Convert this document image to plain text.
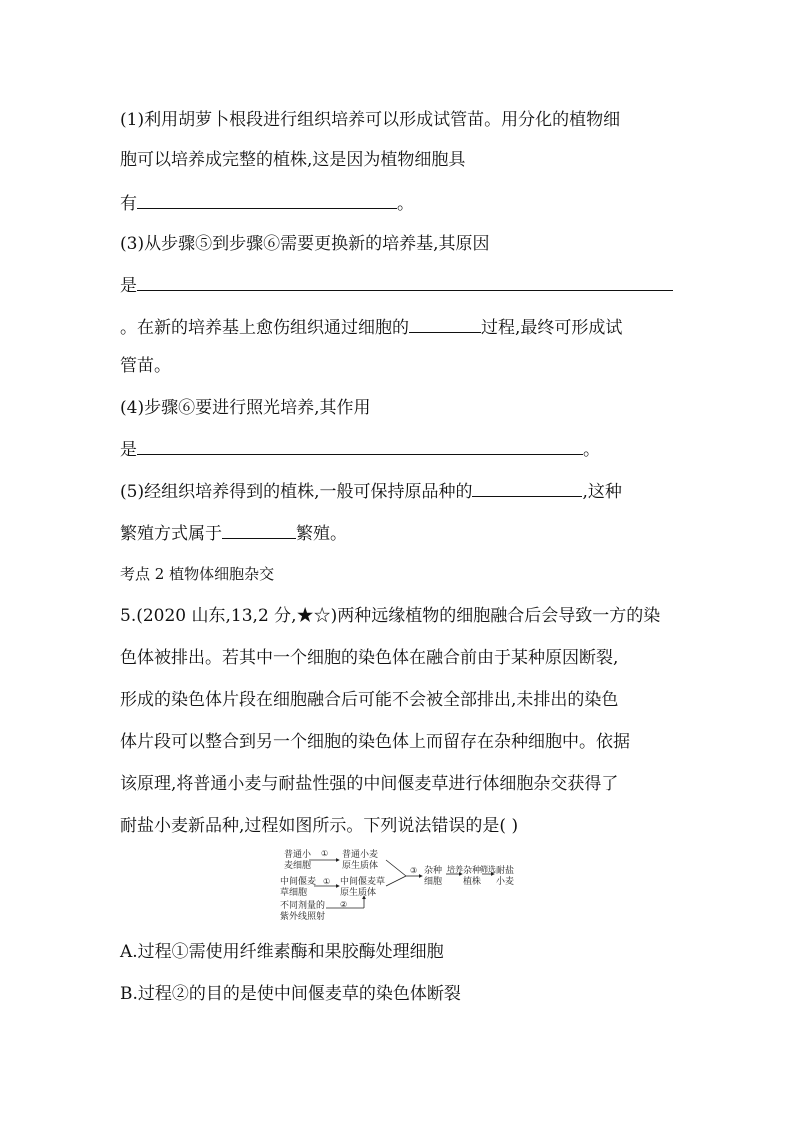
(1)利用胡萝卜根段进行组织培养可以形成试管苗。用分化的植物细
胞可以培养成完整的植株,这是因为植物细胞具
有	。
(3)从步骤⑤到步骤⑥需要更换新的培养基,其原因
是
。在新的培养基上愈伤组织通过细胞的	过程,最终可形成试
管苗。
(4)步骤⑥要进行照光培养,其作用
是	。
(5)经组织培养得到的植株,一般可保持原品种的	,这种
繁殖方式属于	繁殖。
考点 2 植物体细胞杂交
5.(2020 山东,13,2 分,★☆)两种远缘植物的细胞融合后会导致一方的染
色体被排出。若其中一个细胞的染色体在融合前由于某种原因断裂,
形成的染色体片段在细胞融合后可能不会被全部排出,未排出的染色
体片段可以整合到另一个细胞的染色体上而留存在杂种细胞中。依据
该原理,将普通小麦与耐盐性强的中间偃麦草进行体细胞杂交获得了
耐盐小麦新品种,过程如图所示。下列说法错误的是( )
普通小
麦细胞
① 普通小麦
原生质体
中间偃麦
草细胞
① 中间偃麦草
原生质体
不同剂量的
紫外线照射
②
③ 杂种
细胞
培养 杂种
植株
筛选 耐盐
小麦
A.过程①需使用纤维素酶和果胶酶处理细胞
B.过程②的目的是使中间偃麦草的染色体断裂
